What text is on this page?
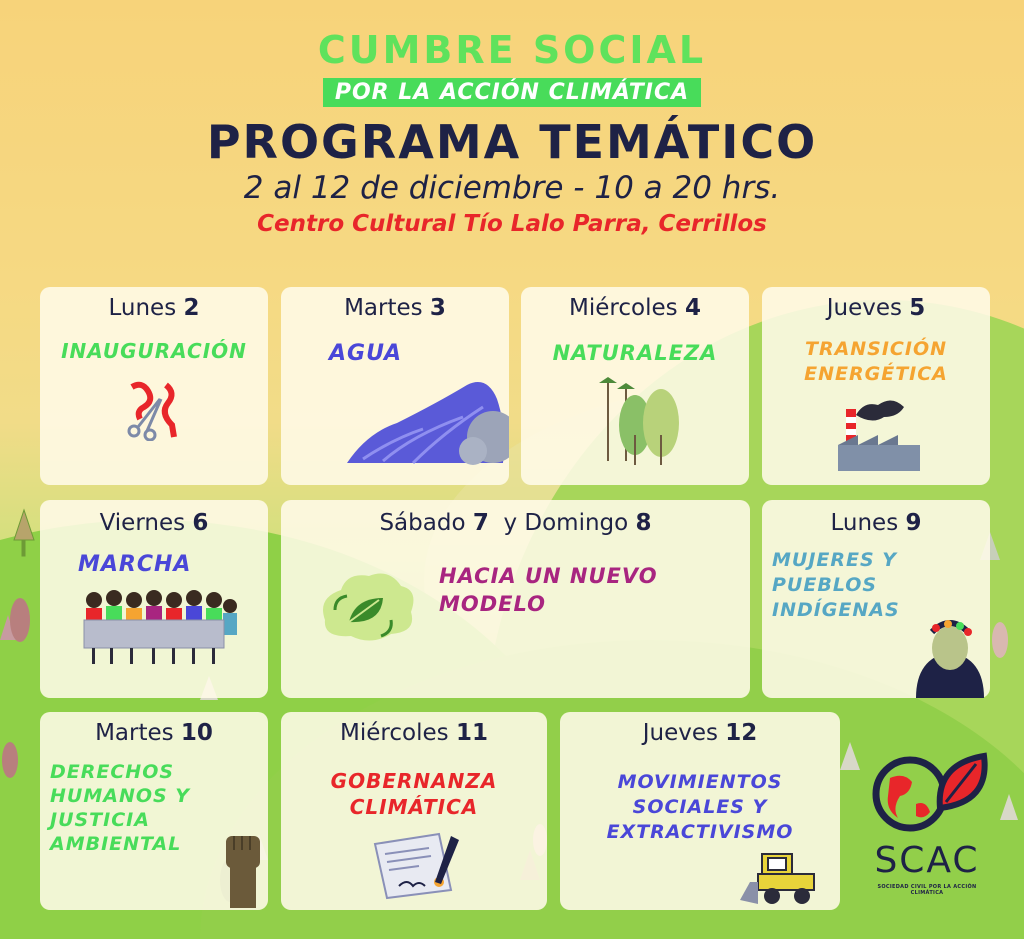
CUMBRE SOCIAL
POR LA ACCIÓN CLIMÁTICA
PROGRAMA TEMÁTICO
2 al 12 de diciembre - 10 a 20 hrs.
Centro Cultural Tío Lalo Parra, Cerrillos
Lunes 2
INAUGURACIÓN
Martes 3
AGUA
Miércoles 4
NATURALEZA
Jueves 5
TRANSICIÓN
ENERGÉTICA
Viernes 6
MARCHA
Sábado 7 y Domingo 8
HACIA UN NUEVO
MODELO
Lunes 9
MUJERES Y
PUEBLOS
INDÍGENAS
Martes 10
DERECHOS
HUMANOS Y
JUSTICIA
AMBIENTAL
Miércoles 11
GOBERNANZA
CLIMÁTICA
Jueves 12
MOVIMIENTOS
SOCIALES Y
EXTRACTIVISMO
SCAC
SOCIEDAD CIVIL POR LA ACCIÓN CLIMÁTICA
